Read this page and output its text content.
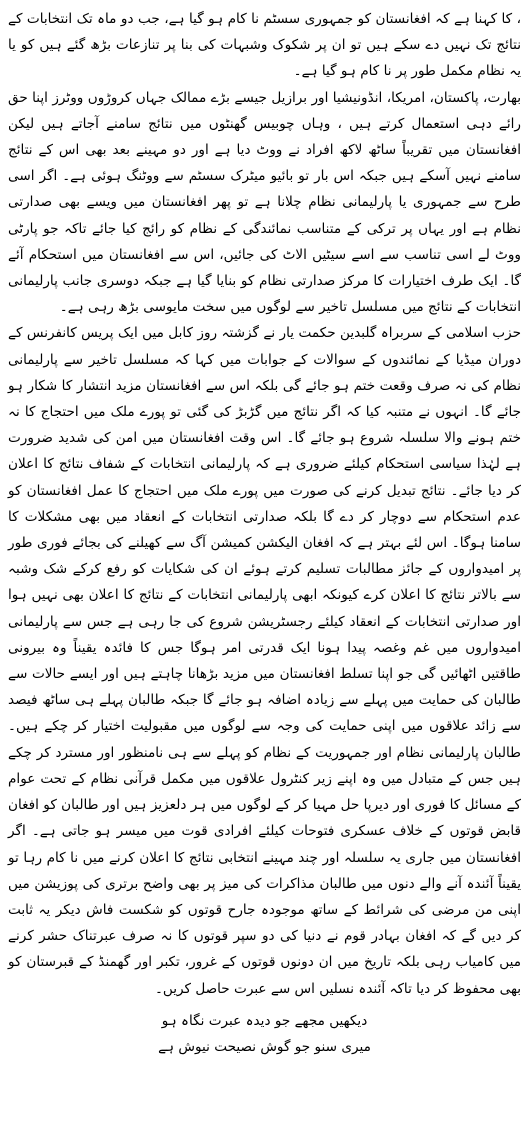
، کا کہنا ہے کہ افغانستان کو جمہوری سسٹم نا کام ہو گیا ہے، جب دو ماہ تک انتخابات کے نتائج تک نہیں دے سکے ہیں تو ان پر شکوک وشبہات کی بنا پر تنازعات بڑھ گئے ہیں کو یا یہ نظام مکمل طور پر نا کام ہو گیا ہے۔

بھارت، پاکستان، امریکا، انڈونیشیا اور برازیل جیسے بڑے ممالک جہاں کروڑوں ووٹرز اپنا حق رائے دہی استعمال کرتے ہیں ، وہاں چوبیس گھنٹوں میں نتائج سامنے آجاتے ہیں لیکن افغانستان میں تقریباً ساٹھ لاکھ افراد نے ووٹ دیا ہے اور دو مہینے بعد بھی اس کے نتائج سامنے نہیں آسکے ہیں جبکہ اس بار تو بائیو میٹرک سسٹم سے ووٹنگ ہوئی ہے۔ اگر اسی طرح سے جمہوری یا پارلیمانی نظام چلانا ہے تو پھر افغانستان میں ویسے بھی صدارتی نظام ہے اور یہاں پر ترکی کے متناسب نمائندگی کے نظام کو رائج کیا جائے تاکہ جو پارٹی ووٹ لے اسی تناسب سے اسے سیٹیں الاٹ کی جائیں، اس سے افغانستان میں استحکام آئے گا۔ ایک طرف اختیارات کا مرکز صدارتی نظام کو بنایا گیا ہے جبکہ دوسری جانب پارلیمانی انتخابات کے نتائج میں مسلسل تاخیر سے لوگوں میں سخت مایوسی بڑھ رہی ہے۔

حزب اسلامی کے سربراہ گلبدین حکمت یار نے گزشتہ روز کابل میں ایک پریس کانفرنس کے دوران میڈیا کے نمائندوں کے سوالات کے جوابات میں کہا کہ مسلسل تاخیر سے پارلیمانی نظام کی نہ صرف وقعت ختم ہو جائے گی بلکہ اس سے افغانستان مزید انتشار کا شکار ہو جائے گا۔ انہوں نے متنبہ کیا کہ اگر نتائج میں گڑبڑ کی گئی تو پورے ملک میں احتجاج کا نہ ختم ہونے والا سلسلہ شروع ہو جائے گا۔ اس وقت افغانستان میں امن کی شدید ضرورت ہے لہٰذا سیاسی استحکام کیلئے ضروری ہے کہ پارلیمانی انتخابات کے شفاف نتائج کا اعلان کر دیا جائے۔ نتائج تبدیل کرنے کی صورت میں پورے ملک میں احتجاج کا عمل افغانستان کو عدم استحکام سے دوچار کر دے گا بلکہ صدارتی انتخابات کے انعقاد میں بھی مشکلات کا سامنا ہوگا۔ اس لئے بہتر ہے کہ افغان الیکشن کمیشن آگ سے کھیلنے کی بجائے فوری طور پر امیدواروں کے جائز مطالبات تسلیم کرتے ہوئے ان کی شکایات کو رفع کرکے شک وشبہ سے بالاتر نتائج کا اعلان کرے کیونکہ ابھی پارلیمانی انتخابات کے نتائج کا اعلان بھی نہیں ہوا اور صدارتی انتخابات کے انعقاد کیلئے رجسٹریشن شروع کی جا رہی ہے جس سے پارلیمانی امیدواروں میں غم وغصہ پیدا ہونا ایک قدرتی امر ہوگا جس کا فائدہ یقیناً وہ بیرونی طاقتیں اٹھائیں گی جو اپنا تسلط افغانستان میں مزید بڑھانا چاہتے ہیں اور ایسے حالات سے طالبان کی حمایت میں پہلے سے زیادہ اضافہ ہو جائے گا جبکہ طالبان پہلے ہی ساٹھ فیصد سے زائد علاقوں میں اپنی حمایت کی وجہ سے لوگوں میں مقبولیت اختیار کر چکے ہیں۔ طالبان پارلیمانی نظام اور جمہوریت کے نظام کو پہلے سے ہی نامنظور اور مسترد کر چکے ہیں جس کے متبادل میں وہ اپنے زیر کنٹرول علاقوں میں مکمل قرآنی نظام کے تحت عوام کے مسائل کا فوری اور دیرپا حل مہیا کر کے لوگوں میں ہر دلعزیز ہیں اور طالبان کو افغان قابض قوتوں کے خلاف عسکری فتوحات کیلئے افرادی قوت میں میسر ہو جاتی ہے۔ اگر افغانستان میں جاری یہ سلسلہ اور چند مہینے انتخابی نتائج کا اعلان کرنے میں نا کام رہا تو یقیناً آئندہ آنے والے دنوں میں طالبان مذاکرات کی میز پر بھی واضح برتری کی پوزیشن میں اپنی من مرضی کی شرائط کے ساتھ موجودہ جارح قوتوں کو شکست فاش دیکر یہ ثابت کر دیں گے کہ افغان بہادر قوم نے دنیا کی دو سپر قوتوں کا نہ صرف عبرتناک حشر کرنے میں کامیاب رہی بلکہ تاریخ میں ان دونوں قوتوں کے غرور، تکبر اور گھمنڈ کے قبرستان کو بھی محفوظ کر دیا تاکہ آئندہ نسلیں اس سے عبرت حاصل کریں۔

دیکھیں مجھے جو دیدہ عبرت نگاہ ہو
میری سنو جو گوش نصیحت نیوش ہے
